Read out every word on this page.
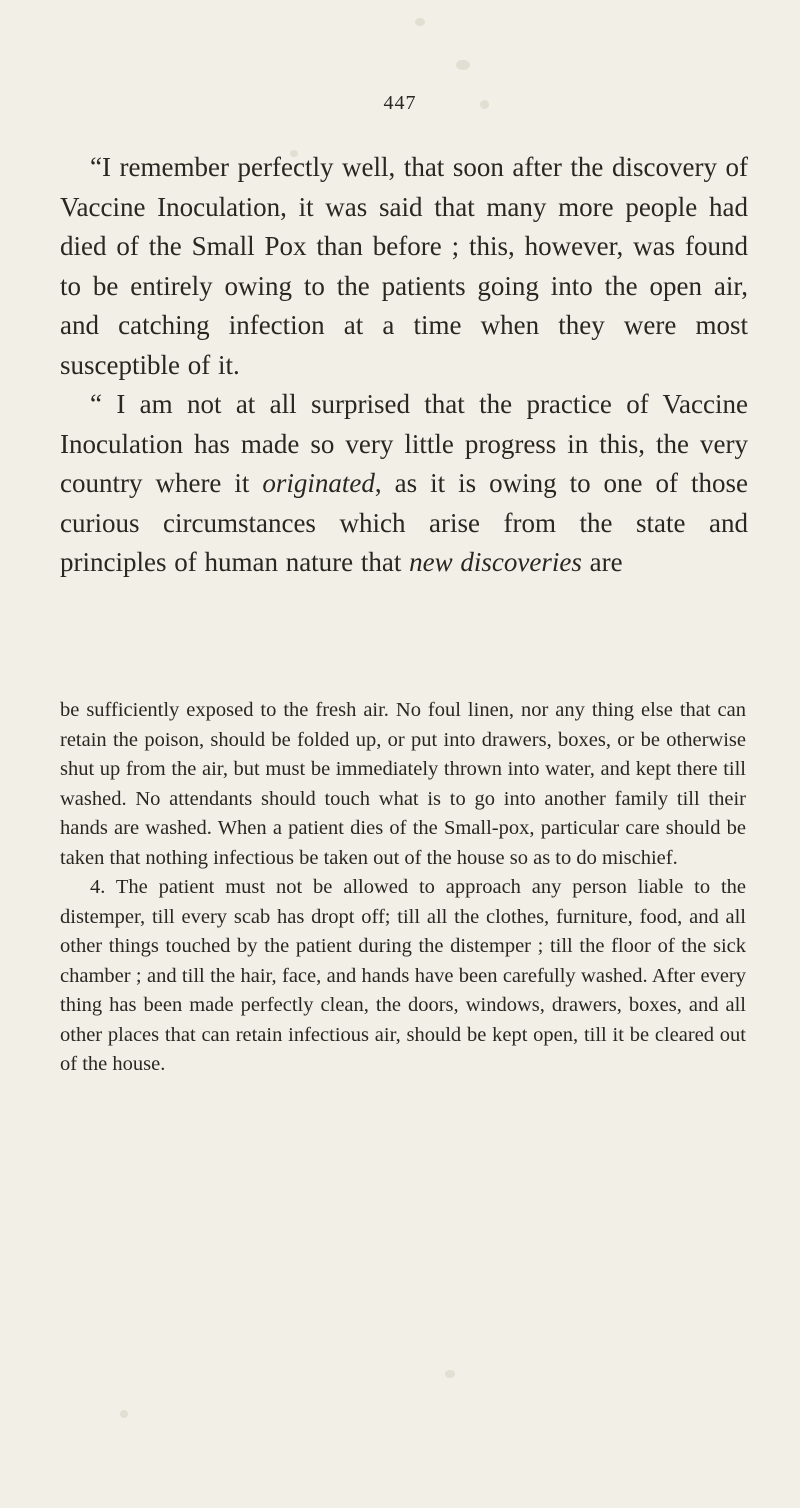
447

“I remember perfectly well, that soon after the discovery of Vaccine Inoculation, it was said that many more people had died of the Small Pox than before ; this, however, was found to be entirely owing to the patients going into the open air, and catching infection at a time when they were most susceptible of it.

“ I am not at all surprised that the practice of Vaccine Inoculation has made so very little progress in this, the very country where it originated, as it is owing to one of those curious circumstances which arise from the state and principles of human nature that new discoveries are

be sufficiently exposed to the fresh air. No foul linen, nor any thing else that can retain the poison, should be folded up, or put into drawers, boxes, or be otherwise shut up from the air, but must be immediately thrown into water, and kept there till washed. No attendants should touch what is to go into another family till their hands are washed. When a patient dies of the Small-pox, particular care should be taken that nothing infectious be taken out of the house so as to do mischief.

4. The patient must not be allowed to approach any person liable to the distemper, till every scab has dropt off; till all the clothes, furniture, food, and all other things touched by the patient during the distemper ; till the floor of the sick chamber ; and till the hair, face, and hands have been carefully washed. After every thing has been made perfectly clean, the doors, windows, drawers, boxes, and all other places that can retain infectious air, should be kept open, till it be cleared out of the house.
